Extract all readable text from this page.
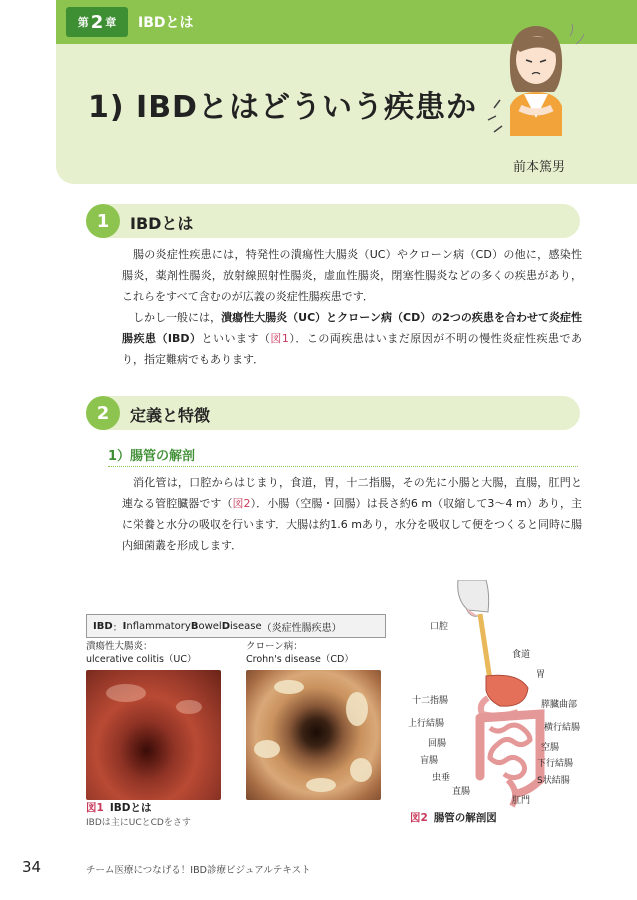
第 2 章 IBDとは
1) IBDとはどういう疾患か
前本篤男
1	IBDとは

腸の炎症性疾患には，特発性の潰瘍性大腸炎（UC）やクローン病（CD）の他に，感染性腸炎，薬剤性腸炎，放射線照射性腸炎，虚血性腸炎，閉塞性腸炎などの多くの疾患があり，これらをすべて含むのが広義の炎症性腸疾患です．

しかし一般には，潰瘍性大腸炎（UC）とクローン病（CD）の2つの疾患を合わせて炎症性腸疾患（IBD）といいます（図1）．この両疾患はいまだ原因が不明の慢性炎症性疾患であり，指定難病でもあります．

2	定義と特徴
1）腸管の解剖

消化管は，口腔からはじまり，食道，胃，十二指腸，その先に小腸と大腸，直腸，肛門と連なる管腔臓器です（図2）．小腸（空腸・回腸）は長さ約6 m（収縮して3〜4 m）あり，主に栄養と水分の吸収を行います．大腸は約1.6 mあり，水分を吸収して便をつくると同時に腸内細菌叢を形成します．

IBD ： I nflammatory B owel D isease （炎症性腸疾患）
潰瘍性大腸炎：
ulcerative colitis（UC）
クローン病：
Crohn's disease（CD）
図1 IBDとは
IBDは主にUCとCDをさす
口腔
食道
胃
十二指腸	膵臓曲部
上行結腸	横行結腸
回腸	空腸
盲腸	下行結腸
虫垂	S状結腸
直腸
肛門
図2 腸管の解剖図
34	チーム医療につなげる！IBD診療ビジュアルテキスト
